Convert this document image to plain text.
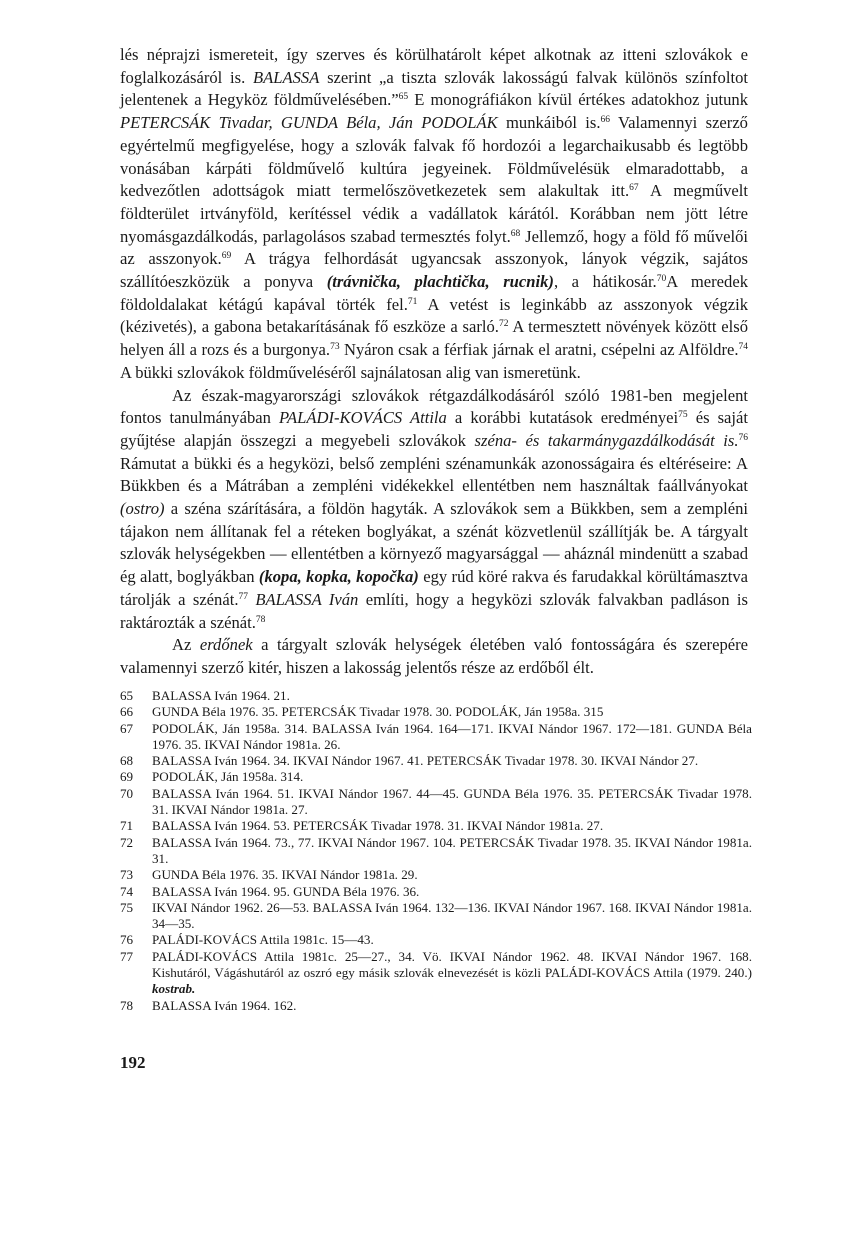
lés néprajzi ismereteit, így szerves és körülhatárolt képet alkotnak az itteni szlovákok e foglalkozásáról is. BALASSA szerint „a tiszta szlovák lakosságú falvak különös színfoltot jelentenek a Hegyköz földművelésében.”$^{65}$ E monográfiákon kívül értékes adatokhoz jutunk PETERCSÁK Tivadar, GUNDA Béla, Ján PODOLÁK munkáiból is.$^{66}$ Valamennyi szerző egyértelmű megfigyelése, hogy a szlovák falvak fő hordozói a legarchaikusabb és legtöbb vonásában kárpáti földművelő kultúra jegyeinek. Földművelésük elmaradottabb, a kedvezőtlen adottságok miatt termelőszövetkezetek sem alakultak itt.$^{67}$ A megművelt földterület irtványföld, kerítéssel védik a vadállatok kárától. Korábban nem jött létre nyomásgazdálkodás, parlagolásos szabad termesztés folyt.$^{68}$ Jellemző, hogy a föld fő művelői az asszonyok.$^{69}$ A trágya felhordását ugyancsak asszonyok, lányok végzik, sajátos szállítóeszközük a ponyva (trávnička, plachtička, rucnik), a hátikosár.$^{70}$A meredek földoldalakat kétágú kapával törték fel.$^{71}$ A vetést is leginkább az asszonyok végzik (kézivetés), a gabona betakarításának fő eszköze a sarló.$^{72}$ A termesztett növények között első helyen áll a rozs és a burgonya.$^{73}$ Nyáron csak a férfiak járnak el aratni, csépelni az Alföldre.$^{74}$ A bükki szlovákok földműveléséről sajnálatosan alig van ismeretünk.

Az észak-magyarországi szlovákok rétgazdálkodásáról szóló 1981-ben megjelent fontos tanulmányában PALÁDI-KOVÁCS Attila a korábbi kutatások eredményei$^{75}$ és saját gyűjtése alapján összegzi a megyebeli szlovákok széna- és takarmánygazdálkodását is.$^{76}$ Rámutat a bükki és a hegyközi, belső zempléni szénamunkák azonosságaira és eltéréseire: A Bükkben és a Mátrában a zempléni vidékekkel ellentétben nem használtak faállványokat (ostro) a széna szárítására, a földön hagyták. A szlovákok sem a Bükkben, sem a zempléni tájakon nem állítanak fel a réteken boglyákat, a szénát közvetlenül szállítják be. A tárgyalt szlovák helységekben — ellentétben a környező magyarsággal — aháznál mindenütt a szabad ég alatt, boglyákban (kopa, kopka, kopočka) egy rúd köré rakva és farudakkal körültámasztva tárolják a szénát.$^{77}$ BALASSA Iván említi, hogy a hegyközi szlovák falvakban padláson is raktározták a szénát.$^{78}$

Az erdőnek a tárgyalt szlovák helységek életében való fontosságára és szerepére valamennyi szerző kitér, hiszen a lakosság jelentős része az erdőből élt.

65	BALASSA Iván 1964. 21.
66	GUNDA Béla 1976. 35. PETERCSÁK Tivadar 1978. 30. PODOLÁK, Ján 1958a. 315
67	PODOLÁK, Ján 1958a. 314. BALASSA Iván 1964. 164—171. IKVAI Nándor 1967. 172—181. GUNDA Béla 1976. 35. IKVAI Nándor 1981a. 26.
68	BALASSA Iván 1964. 34. IKVAI Nándor 1967. 41. PETERCSÁK Tivadar 1978. 30. IKVAI Nándor 27.
69	PODOLÁK, Ján 1958a. 314.
70	BALASSA Iván 1964. 51. IKVAI Nándor 1967. 44—45. GUNDA Béla 1976. 35. PETERCSÁK Tivadar 1978. 31. IKVAI Nándor 1981a. 27.
71	BALASSA Iván 1964. 53. PETERCSÁK Tivadar 1978. 31. IKVAI Nándor 1981a. 27.
72	BALASSA Iván 1964. 73., 77. IKVAI Nándor 1967. 104. PETERCSÁK Tivadar 1978. 35. IKVAI Nándor 1981a. 31.
73	GUNDA Béla 1976. 35. IKVAI Nándor 1981a. 29.
74	BALASSA Iván 1964. 95. GUNDA Béla 1976. 36.
75	IKVAI Nándor 1962. 26—53. BALASSA Iván 1964. 132—136. IKVAI Nándor 1967. 168. IKVAI Nándor 1981a. 34—35.
76	PALÁDI-KOVÁCS Attila 1981c. 15—43.
77	PALÁDI-KOVÁCS Attila 1981c. 25—27., 34. Vö. IKVAI Nándor 1962. 48. IKVAI Nándor 1967. 168. Kishutáról, Vágáshutáról az oszró egy másik szlovák elnevezését is közli PALÁDI-KOVÁCS Attila (1979. 240.) kostrab.
78	BALASSA Iván 1964. 162.
192
